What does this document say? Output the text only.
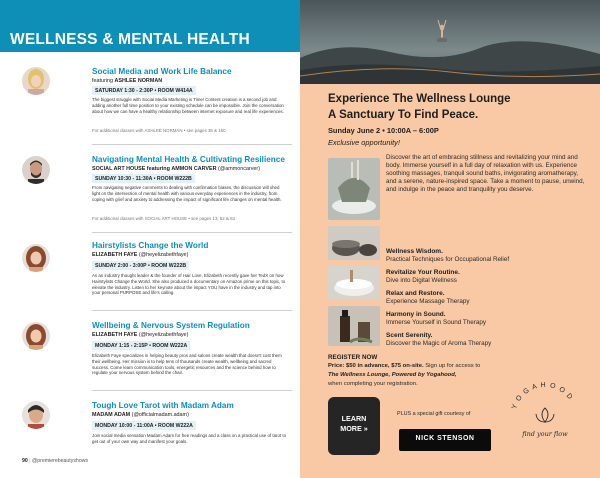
WELLNESS & MENTAL HEALTH
Social Media and Work Life Balance
featuring ASHLEE NORMAN
SATURDAY 1:30 - 2:30P • ROOM W414A
The biggest struggle with Social Media Marketing is Time! Content creation is a second job and adding another full time position to your existing schedule can be impossible. Join the conversation about how we can have a healthy relationship between internet exposure and real life experiences.
For additional classes with ASHLEE NORMAN • see pages 36 & 150
Navigating Mental Health & Cultivating Resilience
SOCIAL ART HOUSE featuring AMMON CARVER (@ammoncarver)
SUNDAY 10:30 - 11:30A • ROOM W222B
From navigating negative comments to dealing with confirmation biases, the discussion will shed light on the intersection of mental health with various everyday experiences in the industry, from coping with grief and anxiety to addressing the impact of significant life changes on mental health.
For additional classes with SOCIAL ART HOUSE • see pages 13, 52 & 53
Hairstylists Change the World
ELIZABETH FAYE (@heyelizabethfaye)
SUNDAY 2:00 - 3:00P • ROOM W222B
As an industry thought leader & the founder of Hair Love, Elizabeth recently gave her TedX on how Hairstylists Change the World. She also produced a documentary on Amazon prime on this topic, to elevate the industry. Listen to her keynote about the impact YOU have in the industry and tap into your personal PURPOSE and life's calling.
Wellbeing & Nervous System Regulation
ELIZABETH FAYE (@heyelizabethfaye)
MONDAY 1:15 - 2:15P • ROOM W222A
Elizabeth Faye specializes in helping beauty pros and salons create wealth that doesn't cost them their wellbeing. Her mission is to help tens of thousands create wealth, wellbeing and sacred success. Come learn communication tools, energetic resources and the science behind how to regulate your nervous system behind the chair.
Tough Love Tarot with Madam Adam
MADAM ADAM (@officialmadam.adam)
MONDAY 10:00 - 11:00A • ROOM W222A
Join social media sensation Madam Adam for free readings and a class on a practical use of tarot to get out of your own way and manifest your goals.
90 | @premierebeautyshows
Experience The Wellness Lounge
A Sanctuary To Find Peace.
Sunday June 2 • 10:00A – 6:00P
Exclusive opportunity!
Discover the art of embracing stillness and revitalizing your mind and body. Immerse yourself in a full day of relaxation with us. Experience soothing massages, tranquil sound baths, invigorating aromatherapy, and a serene, nature-inspired space. Take a moment to pause, unwind, and indulge in the peace and tranquility you deserve.
Wellness Wisdom.
Practical Techniques for Occupational Relief
Revitalize Your Routine.
Dive into Digital Wellness
Relax and Restore.
Experience Massage Therapy
Harmony in Sound.
Immerse Yourself in Sound Therapy
Scent Serenity.
Discover the Magic of Aroma Therapy
REGISTER NOW
Price: $50 in advance, $75 on-site. Sign up for access to
The Wellness Lounge, Powered by Yogahood,
when completing your registration.
LEARN
MORE »
PLUS a special gift courtesy of
NICK STENSON
Y O G A H O O D
find your flow
